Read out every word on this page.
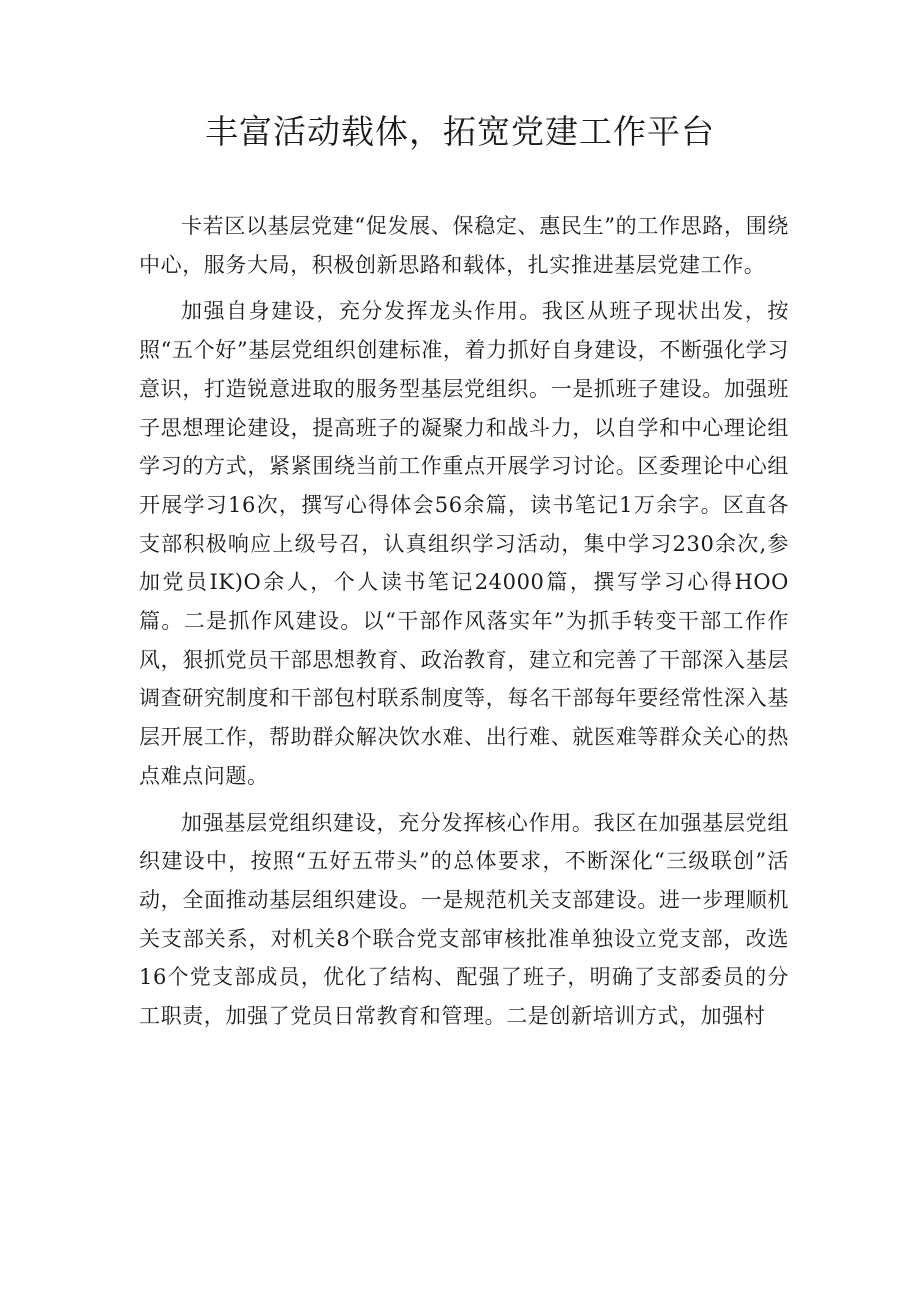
丰富活动载体，拓宽党建工作平台

卡若区以基层党建“促发展、保稳定、惠民生”的工作思路，围绕中心，服务大局，积极创新思路和载体，扎实推进基层党建工作。

加强自身建设，充分发挥龙头作用。我区从班子现状出发，按照“五个好”基层党组织创建标准，着力抓好自身建设，不断强化学习意识，打造锐意进取的服务型基层党组织。一是抓班子建设。加强班子思想理论建设，提高班子的凝聚力和战斗力，以自学和中心理论组学习的方式，紧紧围绕当前工作重点开展学习讨论。区委理论中心组开展学习16次，撰写心得体会56余篇，读书笔记1万余字。区直各支部积极响应上级号召，认真组织学习活动，集中学习230余次,参加党员IK)O余人，个人读书笔记24000篇，撰写学习心得HOO篇。二是抓作风建设。以“干部作风落实年”为抓手转变干部工作作风，狠抓党员干部思想教育、政治教育，建立和完善了干部深入基层调查研究制度和干部包村联系制度等，每名干部每年要经常性深入基层开展工作，帮助群众解决饮水难、出行难、就医难等群众关心的热点难点问题。

加强基层党组织建设，充分发挥核心作用。我区在加强基层党组织建设中，按照“五好五带头”的总体要求，不断深化“三级联创”活动，全面推动基层组织建设。一是规范机关支部建设。进一步理顺机关支部关系，对机关8个联合党支部审核批准单独设立党支部，改选16个党支部成员，优化了结构、配强了班子，明确了支部委员的分工职责，加强了党员日常教育和管理。二是创新培训方式，加强村
